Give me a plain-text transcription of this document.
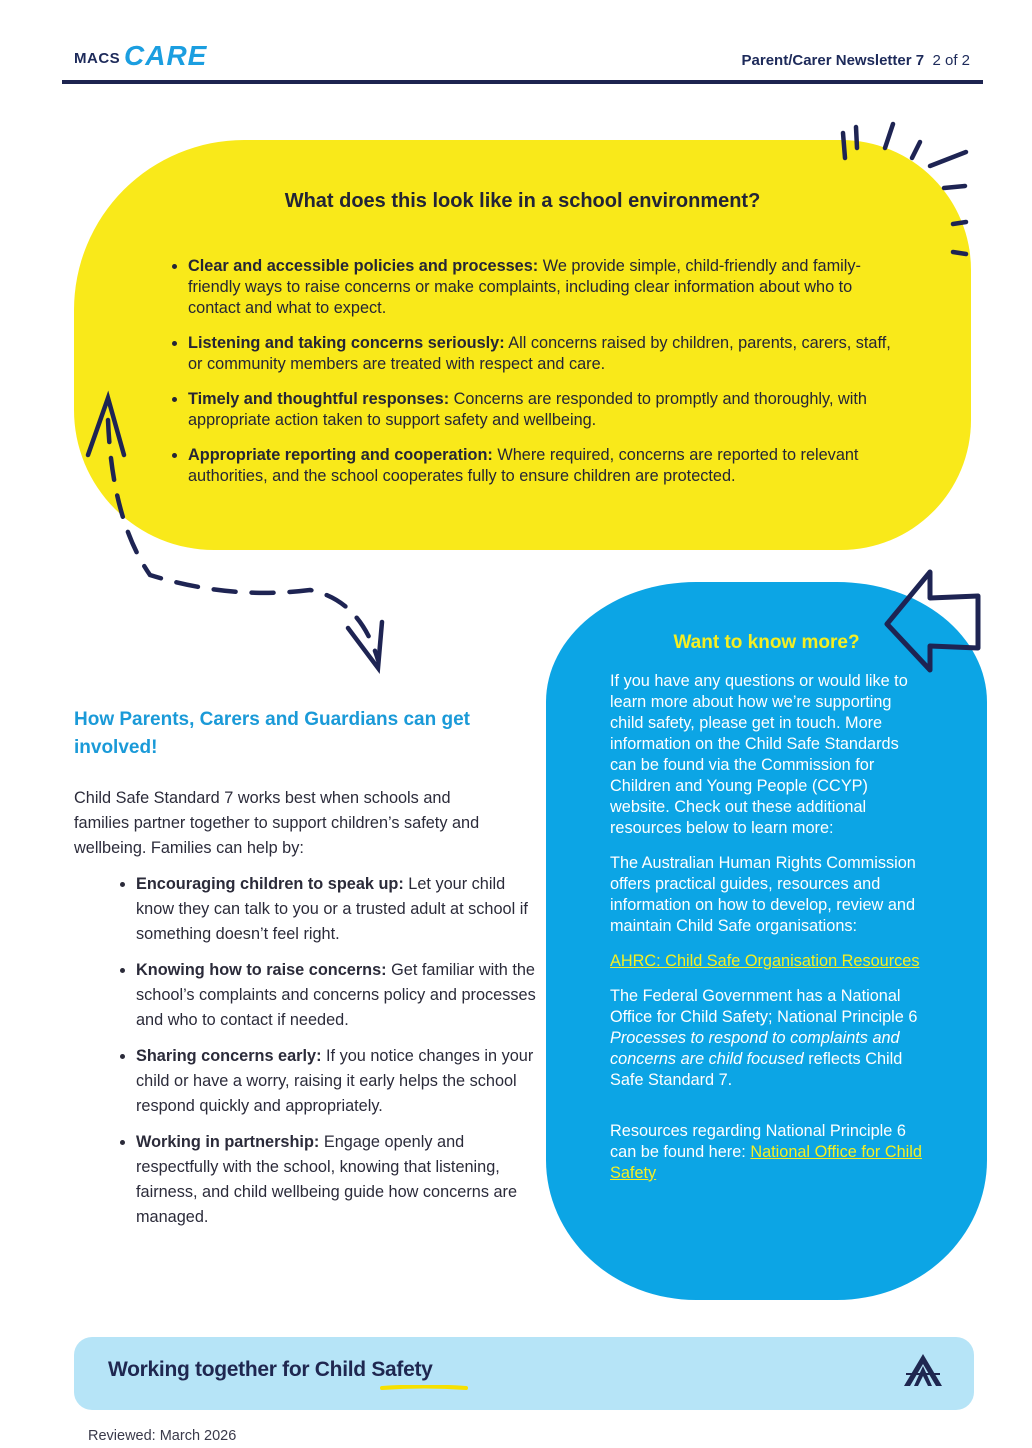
MACS CARE	Parent/Carer Newsletter 7 2 of 2
What does this look like in a school environment?
• Clear and accessible policies and processes: We provide simple, child-friendly and family-friendly ways to raise concerns or make complaints, including clear information about who to contact and what to expect.
• Listening and taking concerns seriously: All concerns raised by children, parents, carers, staff, or community members are treated with respect and care.
• Timely and thoughtful responses: Concerns are responded to promptly and thoroughly, with appropriate action taken to support safety and wellbeing.
• Appropriate reporting and cooperation: Where required, concerns are reported to relevant authorities, and the school cooperates fully to ensure children are protected.
How Parents, Carers and Guardians can get involved!
Child Safe Standard 7 works best when schools and families partner together to support children’s safety and wellbeing. Families can help by:
• Encouraging children to speak up: Let your child know they can talk to you or a trusted adult at school if something doesn’t feel right.
• Knowing how to raise concerns: Get familiar with the school’s complaints and concerns policy and processes and who to contact if needed.
• Sharing concerns early: If you notice changes in your child or have a worry, raising it early helps the school respond quickly and appropriately.
• Working in partnership: Engage openly and respectfully with the school, knowing that listening, fairness, and child wellbeing guide how concerns are managed.
Want to know more?

If you have any questions or would like to learn more about how we’re supporting child safety, please get in touch. More information on the Child Safe Standards can be found via the Commission for Children and Young People (CCYP) website. Check out these additional resources below to learn more:

The Australian Human Rights Commission offers practical guides, resources and information on how to develop, review and maintain Child Safe organisations:

AHRC: Child Safe Organisation Resources

The Federal Government has a National Office for Child Safety; National Principle 6 Processes to respond to complaints and concerns are child focused reflects Child Safe Standard 7.

Resources regarding National Principle 6 can be found here: National Office for Child Safety

Working together for Child Safety
Reviewed: March 2026
